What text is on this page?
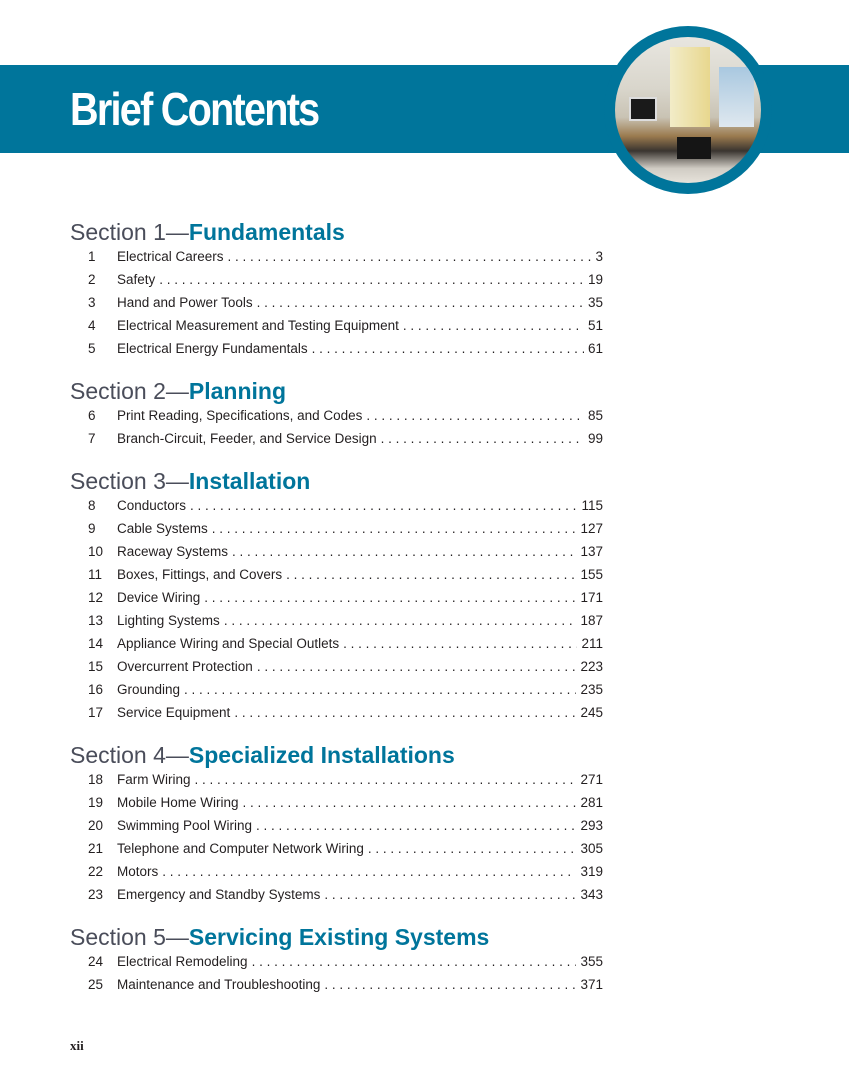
Brief Contents
Section 1—Fundamentals
1	Electrical Careers . . .	3
2	Safety . . .	19
3	Hand and Power Tools . . .	35
4	Electrical Measurement and Testing Equipment . . .	51
5	Electrical Energy Fundamentals . . .	61
Section 2—Planning
6	Print Reading, Specifications, and Codes . . .	85
7	Branch-Circuit, Feeder, and Service Design . . .	99
Section 3—Installation
8	Conductors . . .	115
9	Cable Systems . . .	127
10	Raceway Systems . . .	137
11	Boxes, Fittings, and Covers . . .	155
12	Device Wiring . . .	171
13	Lighting Systems . . .	187
14	Appliance Wiring and Special Outlets . . .	211
15	Overcurrent Protection . . .	223
16	Grounding . . .	235
17	Service Equipment . . .	245
Section 4—Specialized Installations
18	Farm Wiring . . .	271
19	Mobile Home Wiring . . .	281
20	Swimming Pool Wiring . . .	293
21	Telephone and Computer Network Wiring . . .	305
22	Motors . . .	319
23	Emergency and Standby Systems . . .	343
Section 5—Servicing Existing Systems
24	Electrical Remodeling . . .	355
25	Maintenance and Troubleshooting . . .	371
xii
